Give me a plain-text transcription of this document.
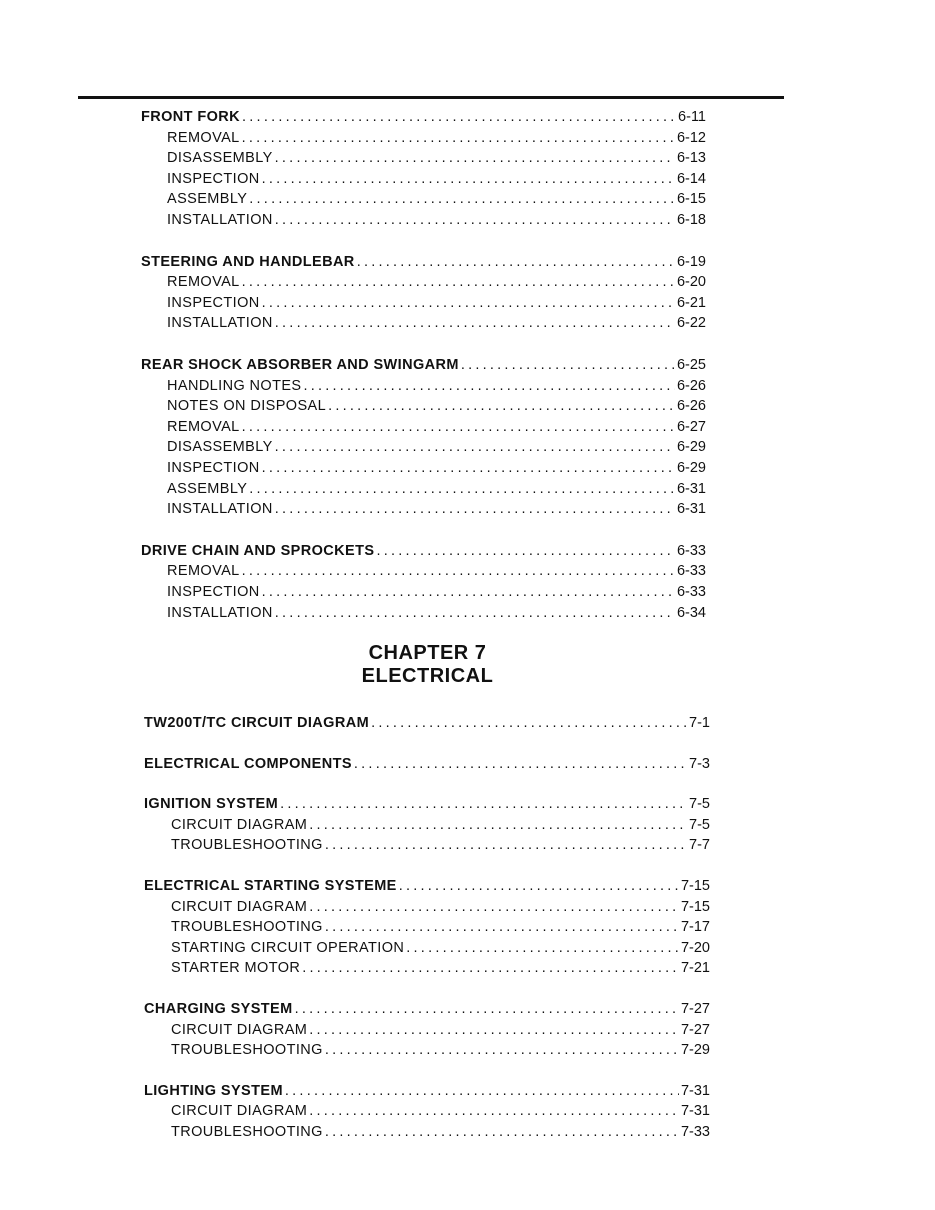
FRONT FORK . . .	6-11
REMOVAL . . .	6-12
DISASSEMBLY . . .	6-13
INSPECTION . . .	6-14
ASSEMBLY . . .	6-15
INSTALLATION . . .	6-18
STEERING AND HANDLEBAR . . .	6-19
REMOVAL . . .	6-20
INSPECTION . . .	6-21
INSTALLATION . . .	6-22
REAR SHOCK ABSORBER AND SWINGARM . . .	6-25
HANDLING NOTES . . .	6-26
NOTES ON DISPOSAL . . .	6-26
REMOVAL . . .	6-27
DISASSEMBLY . . .	6-29
INSPECTION . . .	6-29
ASSEMBLY . . .	6-31
INSTALLATION . . .	6-31
DRIVE CHAIN AND SPROCKETS . . .	6-33
REMOVAL . . .	6-33
INSPECTION . . .	6-33
INSTALLATION . . .	6-34
CHAPTER 7
ELECTRICAL
TW200T/TC CIRCUIT DIAGRAM . . .	7-1
ELECTRICAL COMPONENTS . . .	7-3
IGNITION SYSTEM . . .	7-5
CIRCUIT DIAGRAM . . .	7-5
TROUBLESHOOTING . . .	7-7
ELECTRICAL STARTING SYSTEME . . .	7-15
CIRCUIT DIAGRAM . . .	7-15
TROUBLESHOOTING . . .	7-17
STARTING CIRCUIT OPERATION . . .	7-20
STARTER MOTOR . . .	7-21
CHARGING SYSTEM . . .	7-27
CIRCUIT DIAGRAM . . .	7-27
TROUBLESHOOTING . . .	7-29
LIGHTING SYSTEM . . .	7-31
CIRCUIT DIAGRAM . . .	7-31
TROUBLESHOOTING . . .	7-33
